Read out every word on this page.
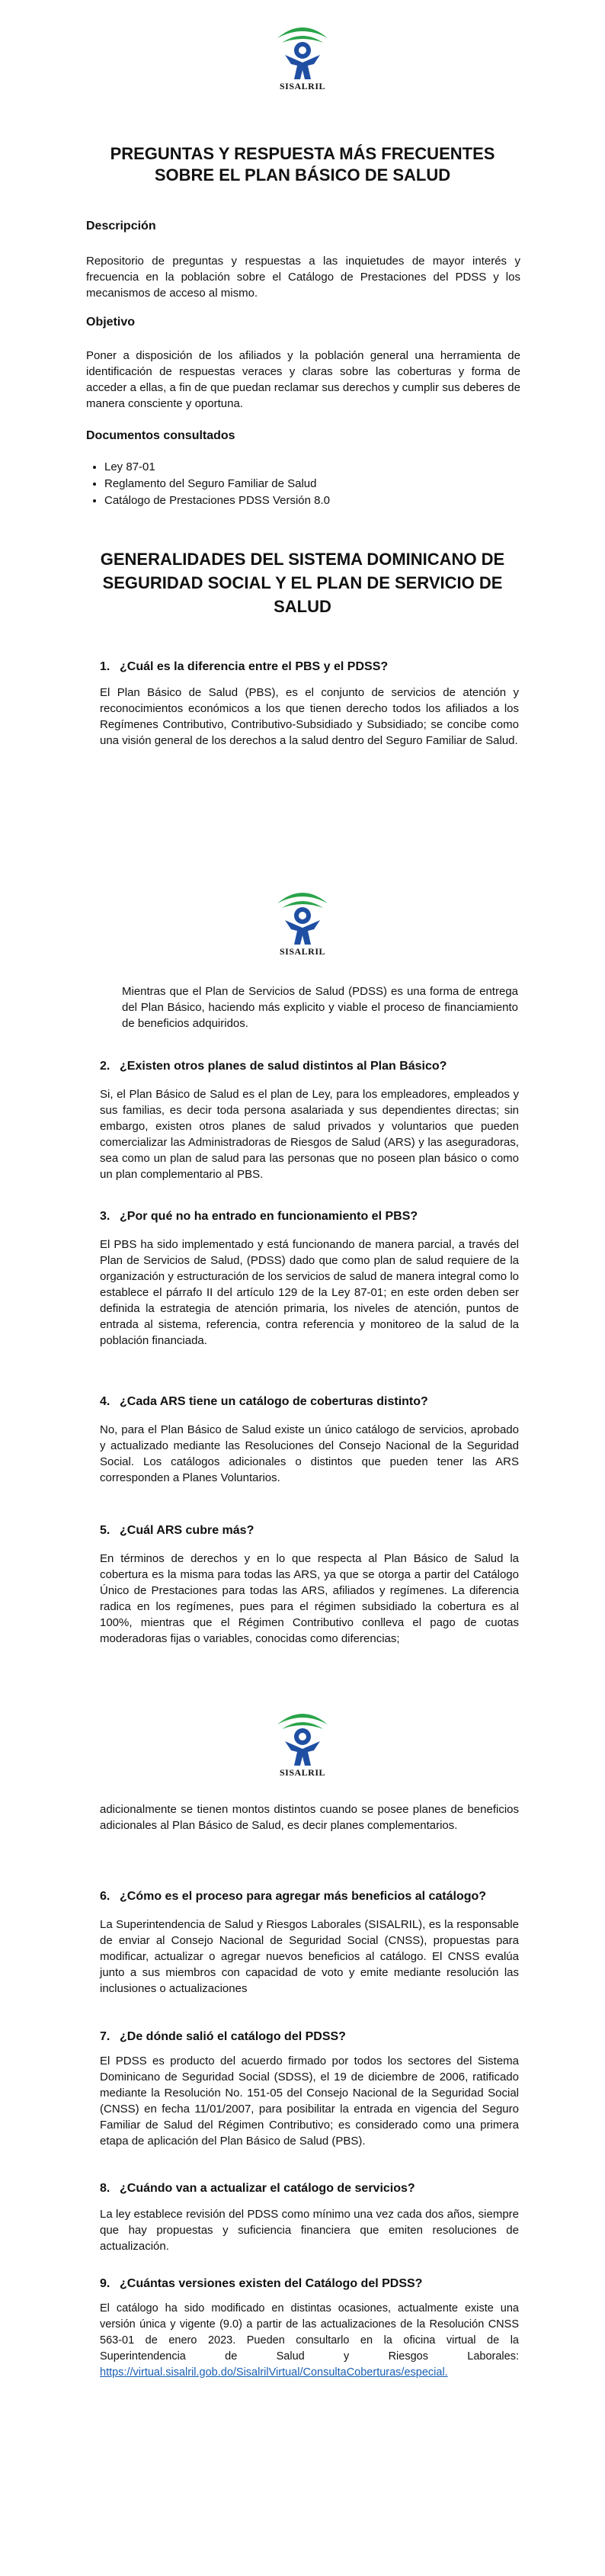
SISALRIL
PREGUNTAS Y RESPUESTA MÁS FRECUENTES SOBRE EL PLAN BÁSICO DE SALUD
Descripción

Repositorio de preguntas y respuestas a las inquietudes de mayor interés y frecuencia en la población sobre el Catálogo de Prestaciones del PDSS y los mecanismos de acceso al mismo.

Objetivo

Poner a disposición de los afiliados y la población general una herramienta de identificación de respuestas veraces y claras sobre las coberturas y forma de acceder a ellas, a fin de que puedan reclamar sus derechos y cumplir sus deberes de manera consciente y oportuna.

Documentos consultados
• Ley 87-01
• Reglamento del Seguro Familiar de Salud
• Catálogo de Prestaciones PDSS Versión 8.0
GENERALIDADES DEL SISTEMA DOMINICANO DE SEGURIDAD SOCIAL Y EL PLAN DE SERVICIO DE SALUD
1. ¿Cuál es la diferencia entre el PBS y el PDSS?

El Plan Básico de Salud (PBS), es el conjunto de servicios de atención y reconocimientos económicos a los que tienen derecho todos los afiliados a los Regímenes Contributivo, Contributivo-Subsidiado y Subsidiado; se concibe como una visión general de los derechos a la salud dentro del Seguro Familiar de Salud.

SISALRIL

Mientras que el Plan de Servicios de Salud (PDSS) es una forma de entrega del Plan Básico, haciendo más explicito y viable el proceso de financiamiento de beneficios adquiridos.

2. ¿Existen otros planes de salud distintos al Plan Básico?

Si, el Plan Básico de Salud es el plan de Ley, para los empleadores, empleados y sus familias, es decir toda persona asalariada y sus dependientes directas; sin embargo, existen otros planes de salud privados y voluntarios que pueden comercializar las Administradoras de Riesgos de Salud (ARS) y las aseguradoras, sea como un plan de salud para las personas que no poseen plan básico o como un plan complementario al PBS.

3. ¿Por qué no ha entrado en funcionamiento el PBS?

El PBS ha sido implementado y está funcionando de manera parcial, a través del Plan de Servicios de Salud, (PDSS) dado que como plan de salud requiere de la organización y estructuración de los servicios de salud de manera integral como lo establece el párrafo II del artículo 129 de la Ley 87-01; en este orden deben ser definida la estrategia de atención primaria, los niveles de atención, puntos de entrada al sistema, referencia, contra referencia y monitoreo de la salud de la población financiada.

4. ¿Cada ARS tiene un catálogo de coberturas distinto?

No, para el Plan Básico de Salud existe un único catálogo de servicios, aprobado y actualizado mediante las Resoluciones del Consejo Nacional de la Seguridad Social. Los catálogos adicionales o distintos que pueden tener las ARS corresponden a Planes Voluntarios.

5. ¿Cuál ARS cubre más?

En términos de derechos y en lo que respecta al Plan Básico de Salud la cobertura es la misma para todas las ARS, ya que se otorga a partir del Catálogo Único de Prestaciones para todas las ARS, afiliados y regímenes. La diferencia radica en los regímenes, pues para el régimen subsidiado la cobertura es al 100%, mientras que el Régimen Contributivo conlleva el pago de cuotas moderadoras fijas o variables, conocidas como diferencias;

SISALRIL

adicionalmente se tienen montos distintos cuando se posee planes de beneficios adicionales al Plan Básico de Salud, es decir planes complementarios.

6. ¿Cómo es el proceso para agregar más beneficios al catálogo?

La Superintendencia de Salud y Riesgos Laborales (SISALRIL), es la responsable de enviar al Consejo Nacional de Seguridad Social (CNSS), propuestas para modificar, actualizar o agregar nuevos beneficios al catálogo. El CNSS evalúa junto a sus miembros con capacidad de voto y emite mediante resolución las inclusiones o actualizaciones

7. ¿De dónde salió el catálogo del PDSS?

El PDSS es producto del acuerdo firmado por todos los sectores del Sistema Dominicano de Seguridad Social (SDSS), el 19 de diciembre de 2006, ratificado mediante la Resolución No. 151-05 del Consejo Nacional de la Seguridad Social (CNSS) en fecha 11/01/2007, para posibilitar la entrada en vigencia del Seguro Familiar de Salud del Régimen Contributivo; es considerado como una primera etapa de aplicación del Plan Básico de Salud (PBS).

8. ¿Cuándo van a actualizar el catálogo de servicios?

La ley establece revisión del PDSS como mínimo una vez cada dos años, siempre que hay propuestas y suficiencia financiera que emiten resoluciones de actualización.

9. ¿Cuántas versiones existen del Catálogo del PDSS?
El catálogo ha sido modificado en distintas ocasiones, actualmente existe una versión única y vigente (9.0) a partir de las actualizaciones de la Resolución CNSS 563-01 de enero 2023. Pueden consultarlo en la oficina virtual de la Superintendencia de Salud y Riesgos Laborales: https://virtual.sisalril.gob.do/SisalrilVirtual/ConsultaCoberturas/especial.
